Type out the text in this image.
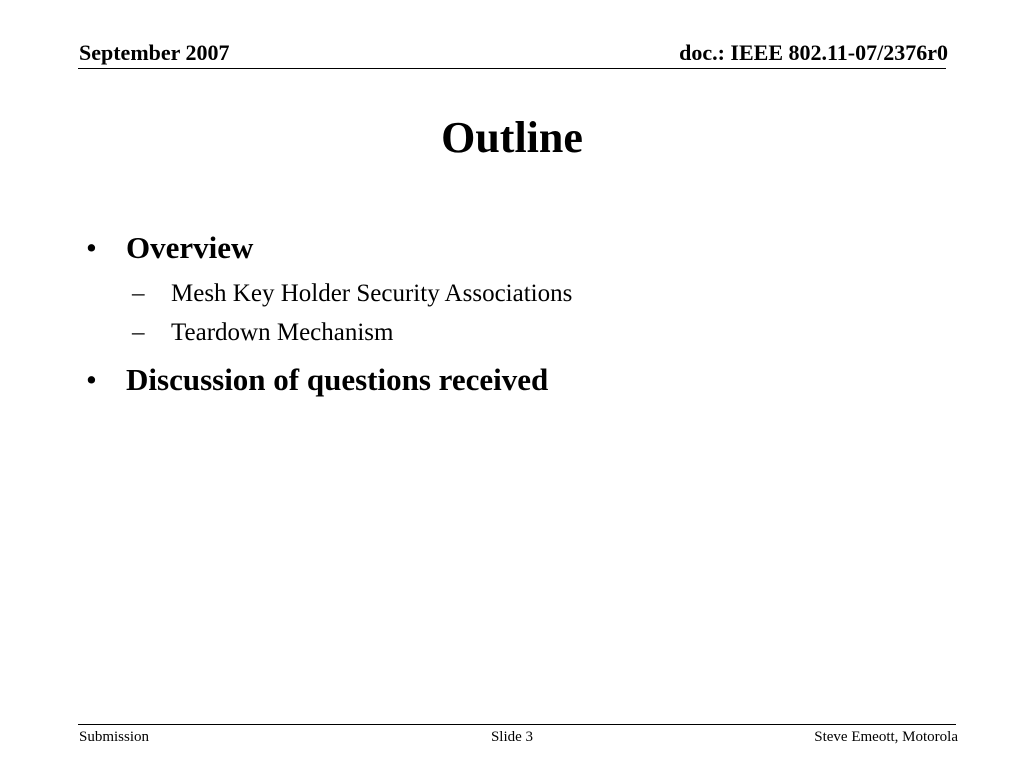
September 2007	doc.: IEEE 802.11-07/2376r0
Outline
• Overview
– Mesh Key Holder Security Associations
– Teardown Mechanism
• Discussion of questions received
Submission	Slide 3	Steve Emeott, Motorola
